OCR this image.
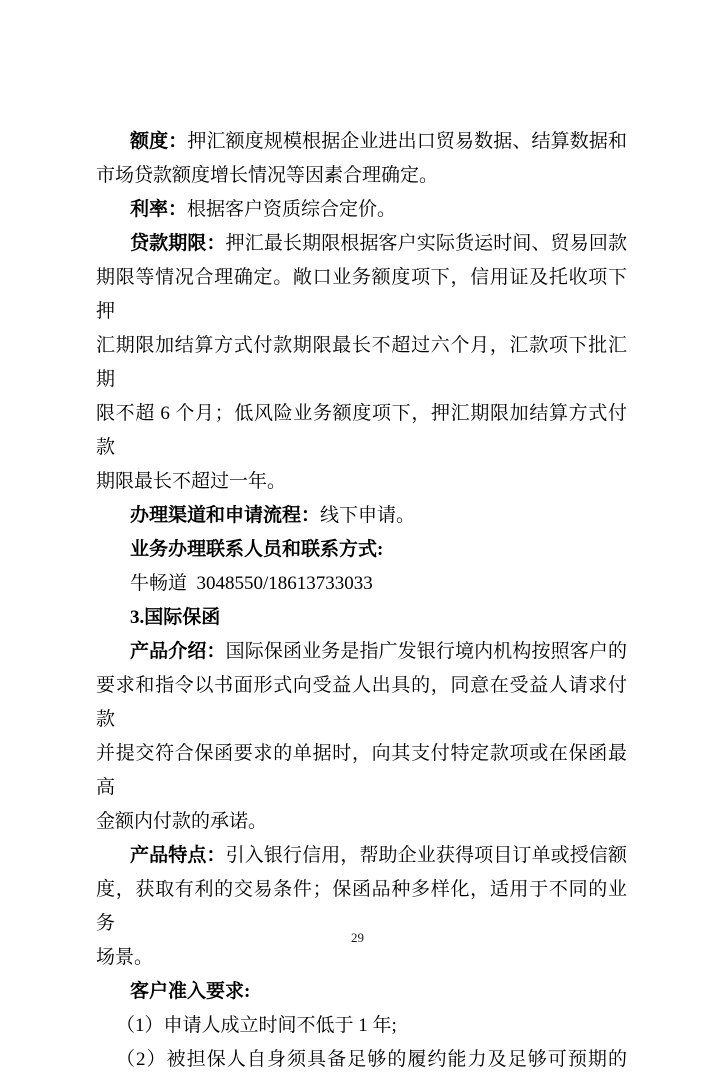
额度：押汇额度规模根据企业进出口贸易数据、结算数据和
市场贷款额度增长情况等因素合理确定。
利率：根据客户资质综合定价。
贷款期限：押汇最长期限根据客户实际货运时间、贸易回款
期限等情况合理确定。敞口业务额度项下，信用证及托收项下押
汇期限加结算方式付款期限最长不超过六个月，汇款项下批汇期
限不超 6 个月；低风险业务额度项下，押汇期限加结算方式付款
期限最长不超过一年。
办理渠道和申请流程：线下申请。
业务办理联系人员和联系方式:
牛畅道  3048550/18613733033
3.国际保函
产品介绍：国际保函业务是指广发银行境内机构按照客户的
要求和指令以书面形式向受益人出具的，同意在受益人请求付款
并提交符合保函要求的单据时，向其支付特定款项或在保函最高
金额内付款的承诺。
产品特点：引入银行信用，帮助企业获得项目订单或授信额
度，获取有利的交易条件；保函品种多样化，适用于不同的业务
场景。
客户准入要求:
（1）申请人成立时间不低于 1 年;
（2）被担保人自身须具备足够的履约能力及足够可预期的
29
